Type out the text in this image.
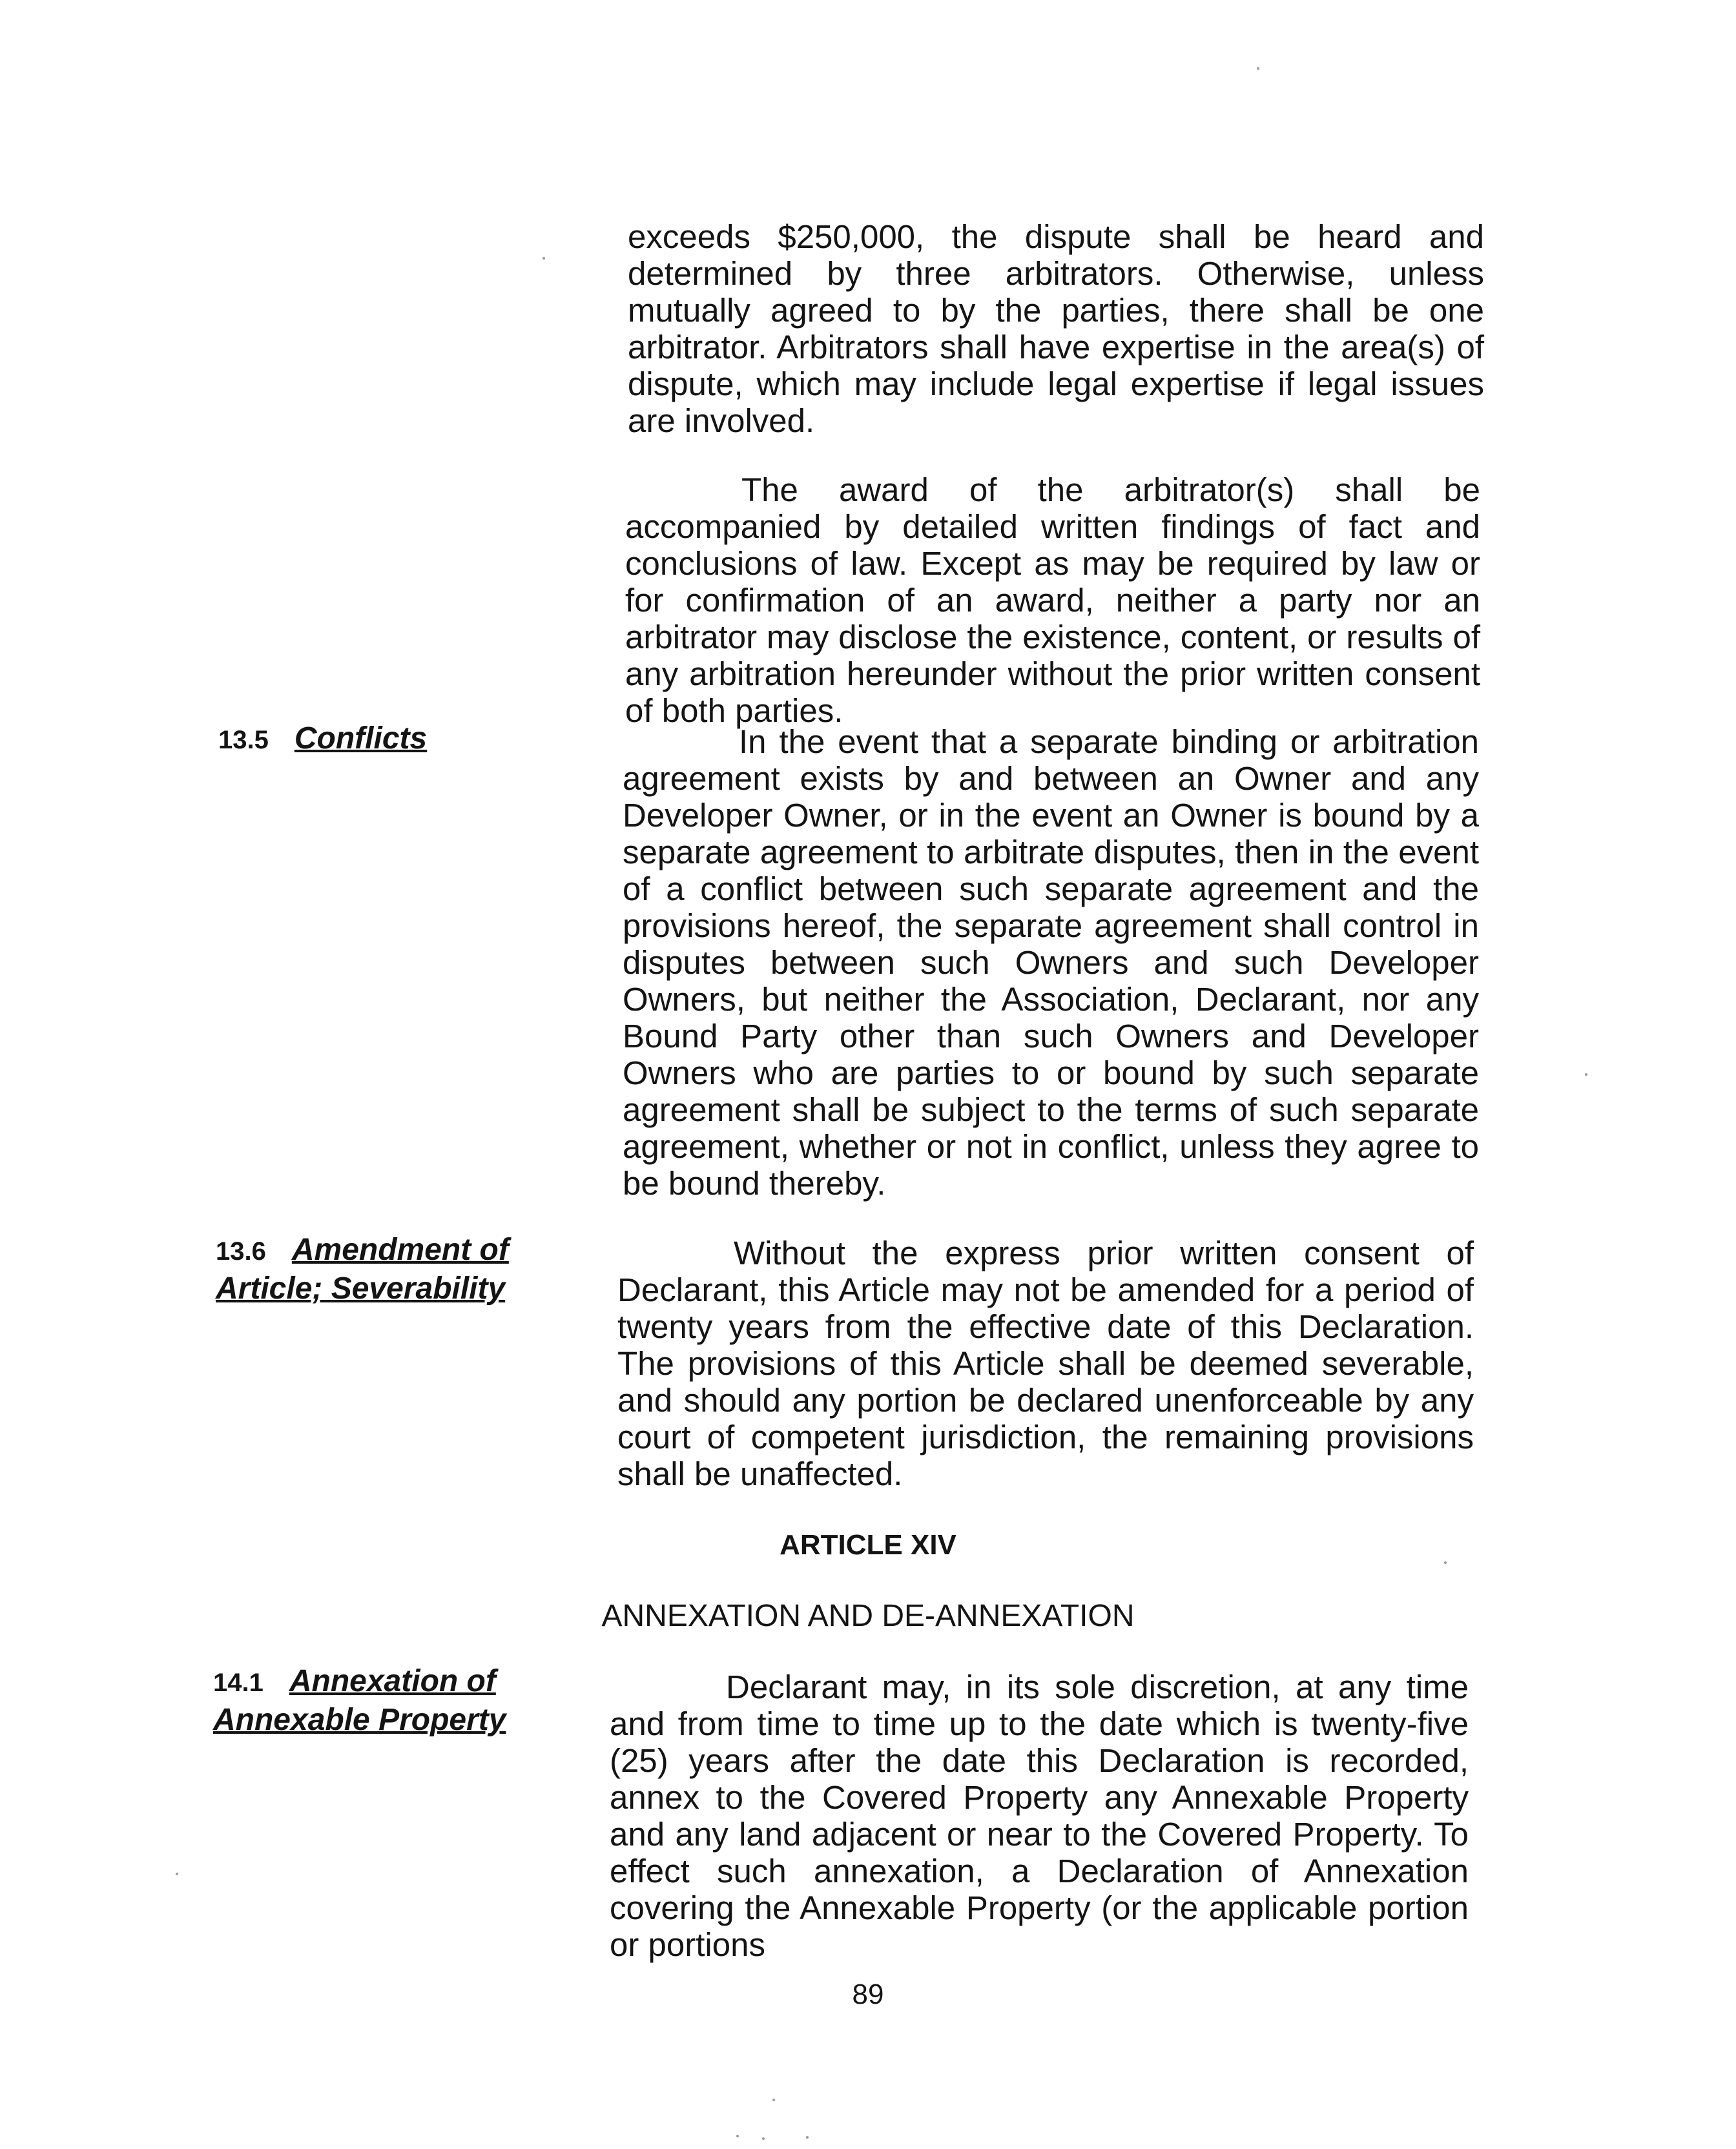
exceeds $250,000, the dispute shall be heard and determined by three arbitrators. Otherwise, unless mutually agreed to by the parties, there shall be one arbitrator. Arbitrators shall have expertise in the area(s) of dispute, which may include legal expertise if legal issues are involved.

The award of the arbitrator(s) shall be accompanied by detailed written findings of fact and conclusions of law. Except as may be required by law or for confirmation of an award, neither a party nor an arbitrator may disclose the existence, content, or results of any arbitration hereunder without the prior written consent of both parties.

13.5 Conflicts	In the event that a separate binding or arbitration agreement exists by and between an Owner and any Developer Owner, or in the event an Owner is bound by a separate agreement to arbitrate disputes, then in the event of a conflict between such separate agreement and the provisions hereof, the separate agreement shall control in disputes between such Owners and such Developer Owners, but neither the Association, Declarant, nor any Bound Party other than such Owners and Developer Owners who are parties to or bound by such separate agreement shall be subject to the terms of such separate agreement, whether or not in conflict, unless they agree to be bound thereby.

13.6 Amendment of
Article; Severability

Without the express prior written consent of Declarant, this Article may not be amended for a period of twenty years from the effective date of this Declaration. The provisions of this Article shall be deemed severable, and should any portion be declared unenforceable by any court of competent jurisdiction, the remaining provisions shall be unaffected.

ARTICLE XIV
ANNEXATION AND DE-ANNEXATION
14.1 Annexation of
Annexable Property

Declarant may, in its sole discretion, at any time and from time to time up to the date which is twenty-five (25) years after the date this Declaration is recorded, annex to the Covered Property any Annexable Property and any land adjacent or near to the Covered Property. To effect such annexation, a Declaration of Annexation covering the Annexable Property (or the applicable portion or portions

89
